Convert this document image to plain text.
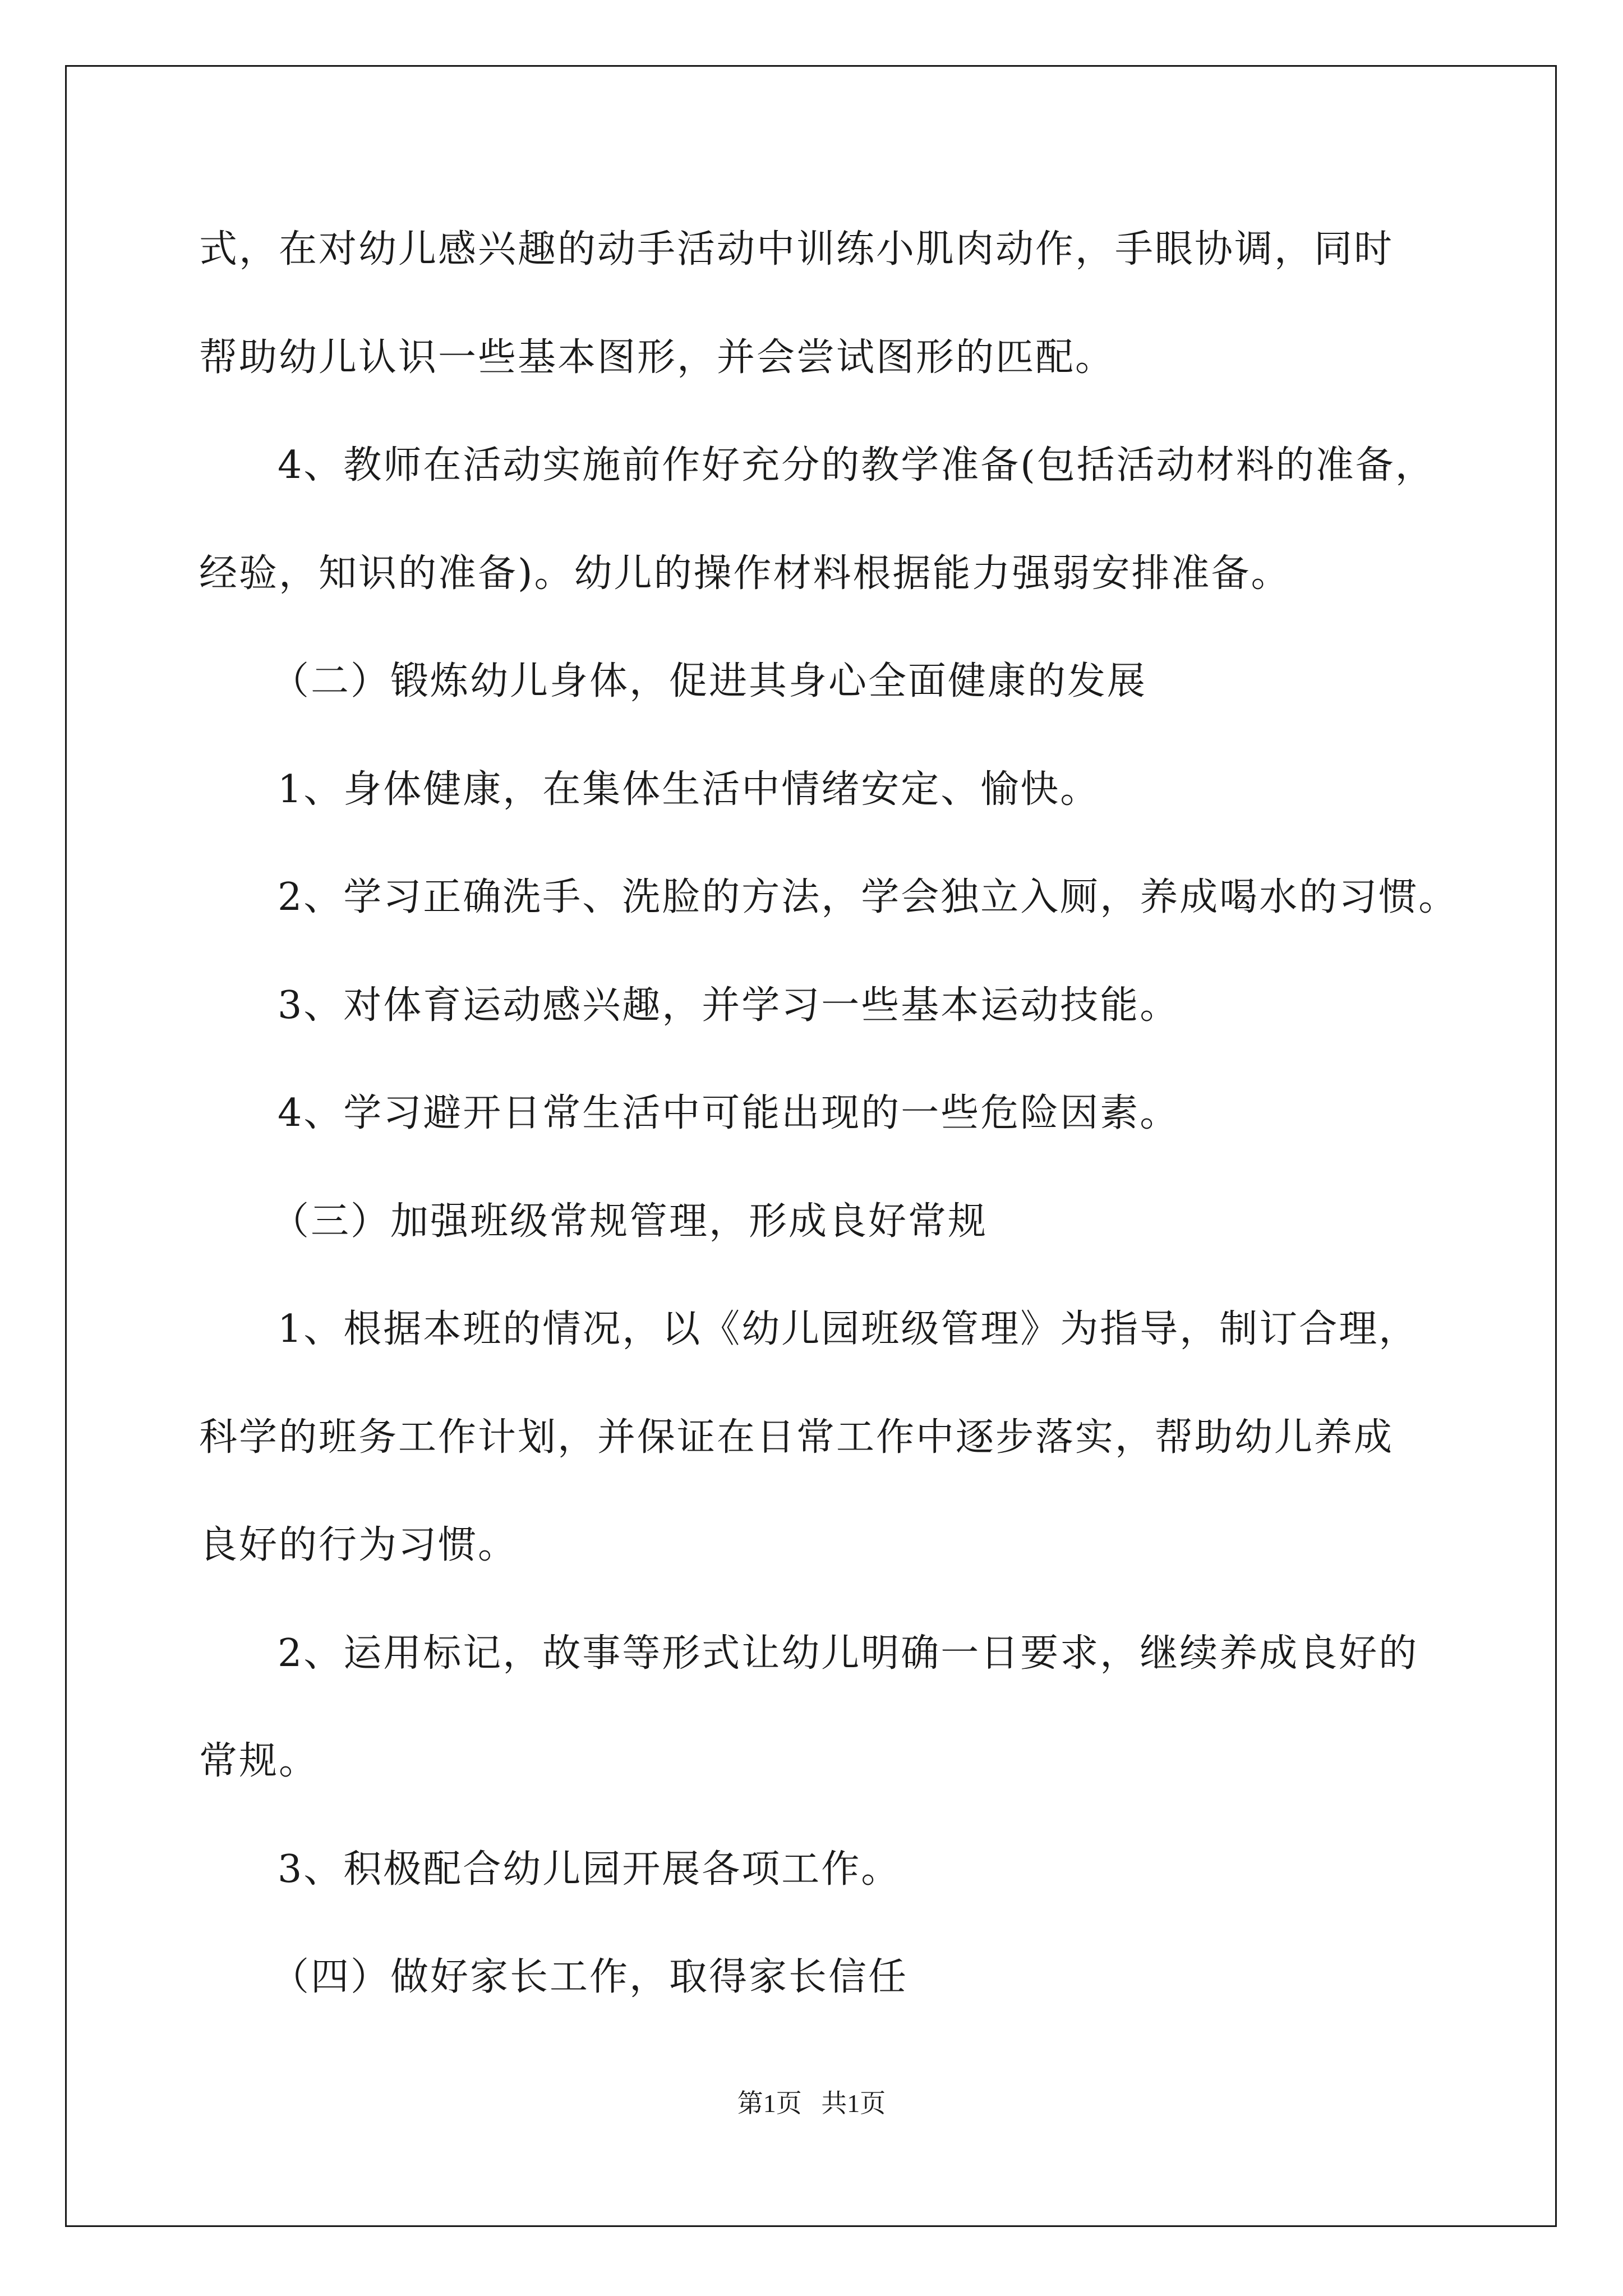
式，在对幼儿感兴趣的动手活动中训练小肌肉动作，手眼协调，同时
帮助幼儿认识一些基本图形，并会尝试图形的匹配。
4、教师在活动实施前作好充分的教学准备(包括活动材料的准备，
经验，知识的准备)。幼儿的操作材料根据能力强弱安排准备。
（二）锻炼幼儿身体，促进其身心全面健康的发展
1、身体健康，在集体生活中情绪安定、愉快。
2、学习正确洗手、洗脸的方法，学会独立入厕，养成喝水的习惯。
3、对体育运动感兴趣，并学习一些基本运动技能。
4、学习避开日常生活中可能出现的一些危险因素。
（三）加强班级常规管理，形成良好常规
1、根据本班的情况，以《幼儿园班级管理》为指导，制订合理，
科学的班务工作计划，并保证在日常工作中逐步落实，帮助幼儿养成
良好的行为习惯。
2、运用标记，故事等形式让幼儿明确一日要求，继续养成良好的
常规。
3、积极配合幼儿园开展各项工作。
（四）做好家长工作，取得家长信任
第1页   共1页
